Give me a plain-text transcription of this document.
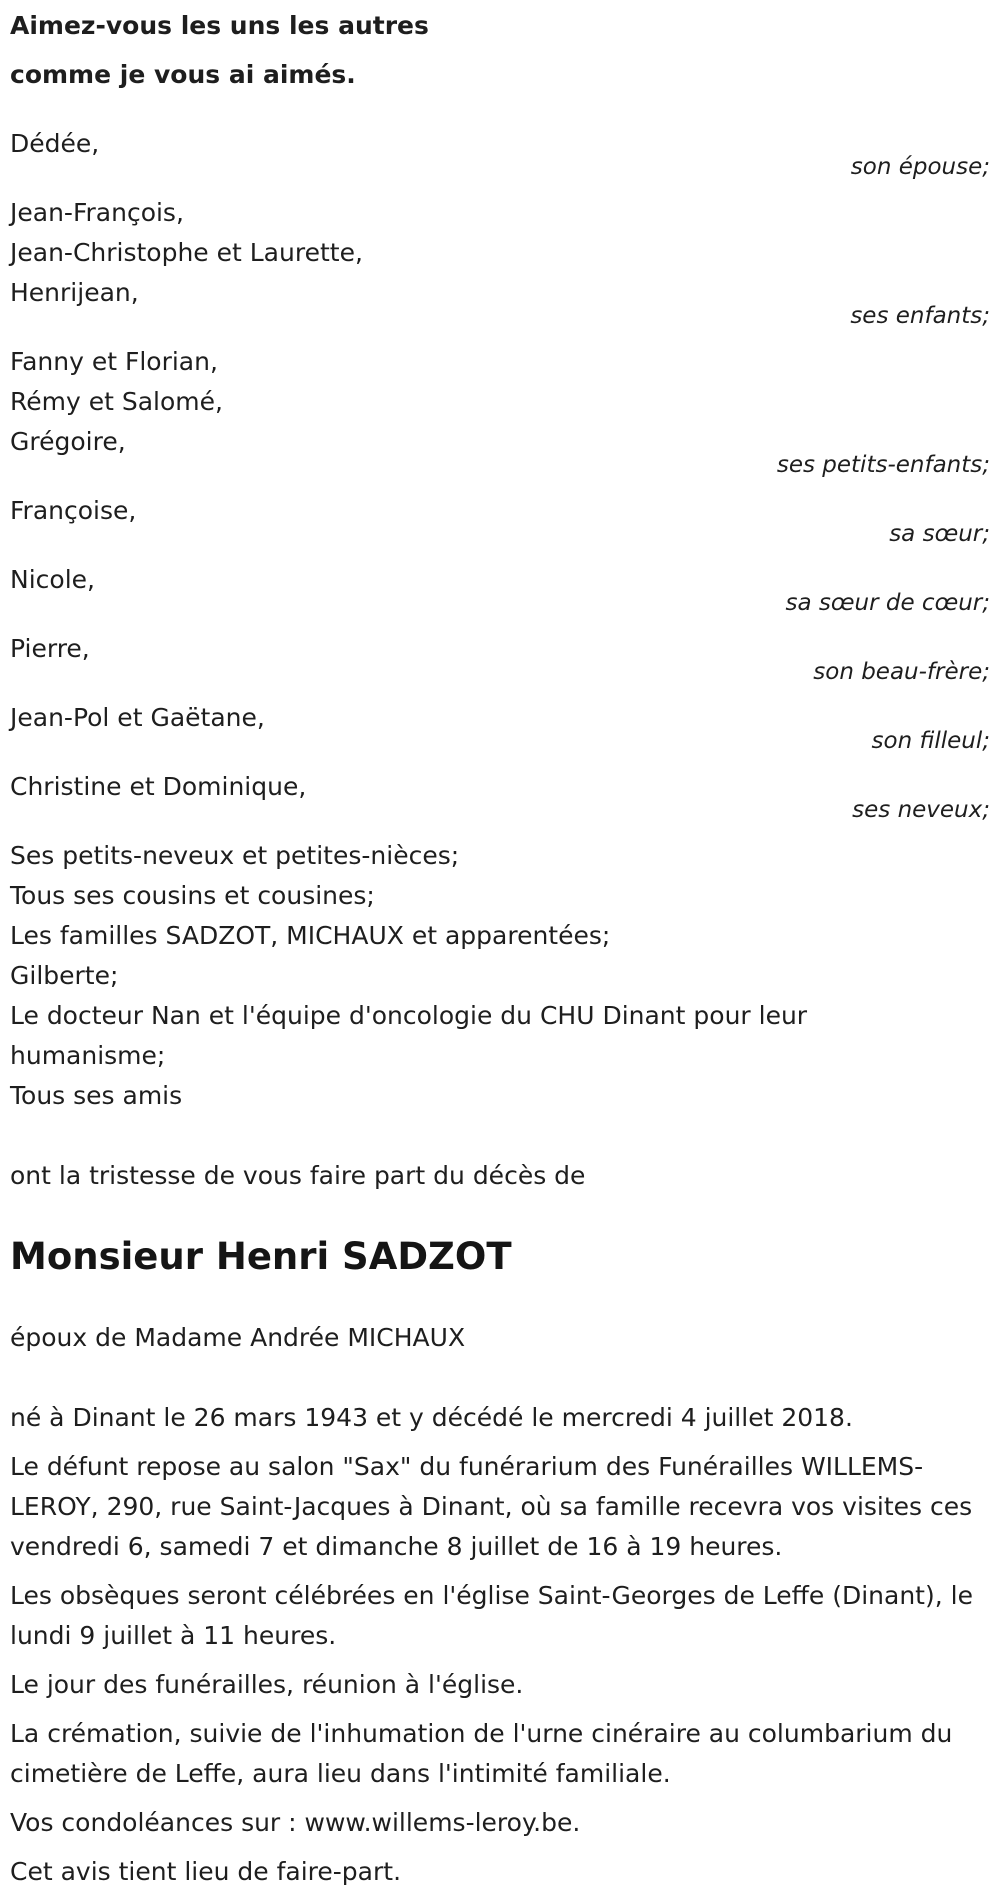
Aimez-vous les uns les autres
comme je vous ai aimés.
Dédée,
son épouse;
Jean-François,
Jean-Christophe et Laurette,
Henrijean,
ses enfants;
Fanny et Florian,
Rémy et Salomé,
Grégoire,
ses petits-enfants;
Françoise,
sa sœur;
Nicole,
sa sœur de cœur;
Pierre,
son beau-frère;
Jean-Pol et Gaëtane,
son filleul;
Christine et Dominique,
ses neveux;
Ses petits-neveux et petites-nièces;
Tous ses cousins et cousines;
Les familles SADZOT, MICHAUX et apparentées;
Gilberte;
Le docteur Nan et l'équipe d'oncologie du CHU Dinant pour leur
humanisme;
Tous ses amis
ont la tristesse de vous faire part du décès de
Monsieur Henri SADZOT
époux de Madame Andrée MICHAUX
né à Dinant le 26 mars 1943 et y décédé le mercredi 4 juillet 2018.
Le défunt repose au salon "Sax" du funérarium des Funérailles WILLEMS-LEROY, 290, rue Saint-Jacques à Dinant, où sa famille recevra vos visites ces vendredi 6, samedi 7 et dimanche 8 juillet de 16 à 19 heures.
Les obsèques seront célébrées en l'église Saint-Georges de Leffe (Dinant), le lundi 9 juillet à 11 heures.
Le jour des funérailles, réunion à l'église.
La crémation, suivie de l'inhumation de l'urne cinéraire au columbarium du cimetière de Leffe, aura lieu dans l'intimité familiale.
Vos condoléances sur : www.willems-leroy.be.
Cet avis tient lieu de faire-part.
